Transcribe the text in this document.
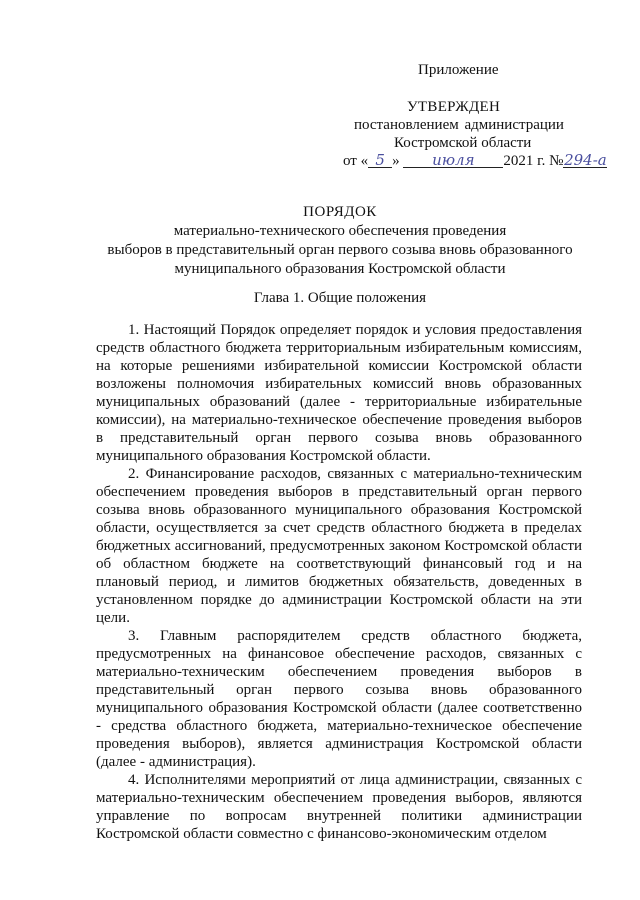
Приложение
УТВЕРЖДЕН
постановлением администрации
Костромской области
от « 5 » июля 2021 г. №294-а
ПОРЯДОК
материально-технического обеспечения проведения
выборов в представительный орган первого созыва вновь образованного
муниципального образования Костромской области
Глава 1. Общие положения

1. Настоящий Порядок определяет порядок и условия предоставления средств областного бюджета территориальным избирательным комиссиям, на которые решениями избирательной комиссии Костромской области возложены полномочия избирательных комиссий вновь образованных муниципальных образований (далее - территориальные избирательные комиссии), на материально-техническое обеспечение проведения выборов в представительный орган первого созыва вновь образованного муниципального образования Костромской области.

2. Финансирование расходов, связанных с материально-техническим обеспечением проведения выборов в представительный орган первого созыва вновь образованного муниципального образования Костромской области, осуществляется за счет средств областного бюджета в пределах бюджетных ассигнований, предусмотренных законом Костромской области об областном бюджете на соответствующий финансовый год и на плановый период, и лимитов бюджетных обязательств, доведенных в установленном порядке до администрации Костромской области на эти цели.

3. Главным распорядителем средств областного бюджета, предусмотренных на финансовое обеспечение расходов, связанных с материально-техническим обеспечением проведения выборов в представительный орган первого созыва вновь образованного муниципального образования Костромской области (далее соответственно - средства областного бюджета, материально-техническое обеспечение проведения выборов), является администрация Костромской области (далее - администрация).

4. Исполнителями мероприятий от лица администрации, связанных с материально-техническим обеспечением проведения выборов, являются управление по вопросам внутренней политики администрации Костромской области совместно с финансово-экономическим отделом
